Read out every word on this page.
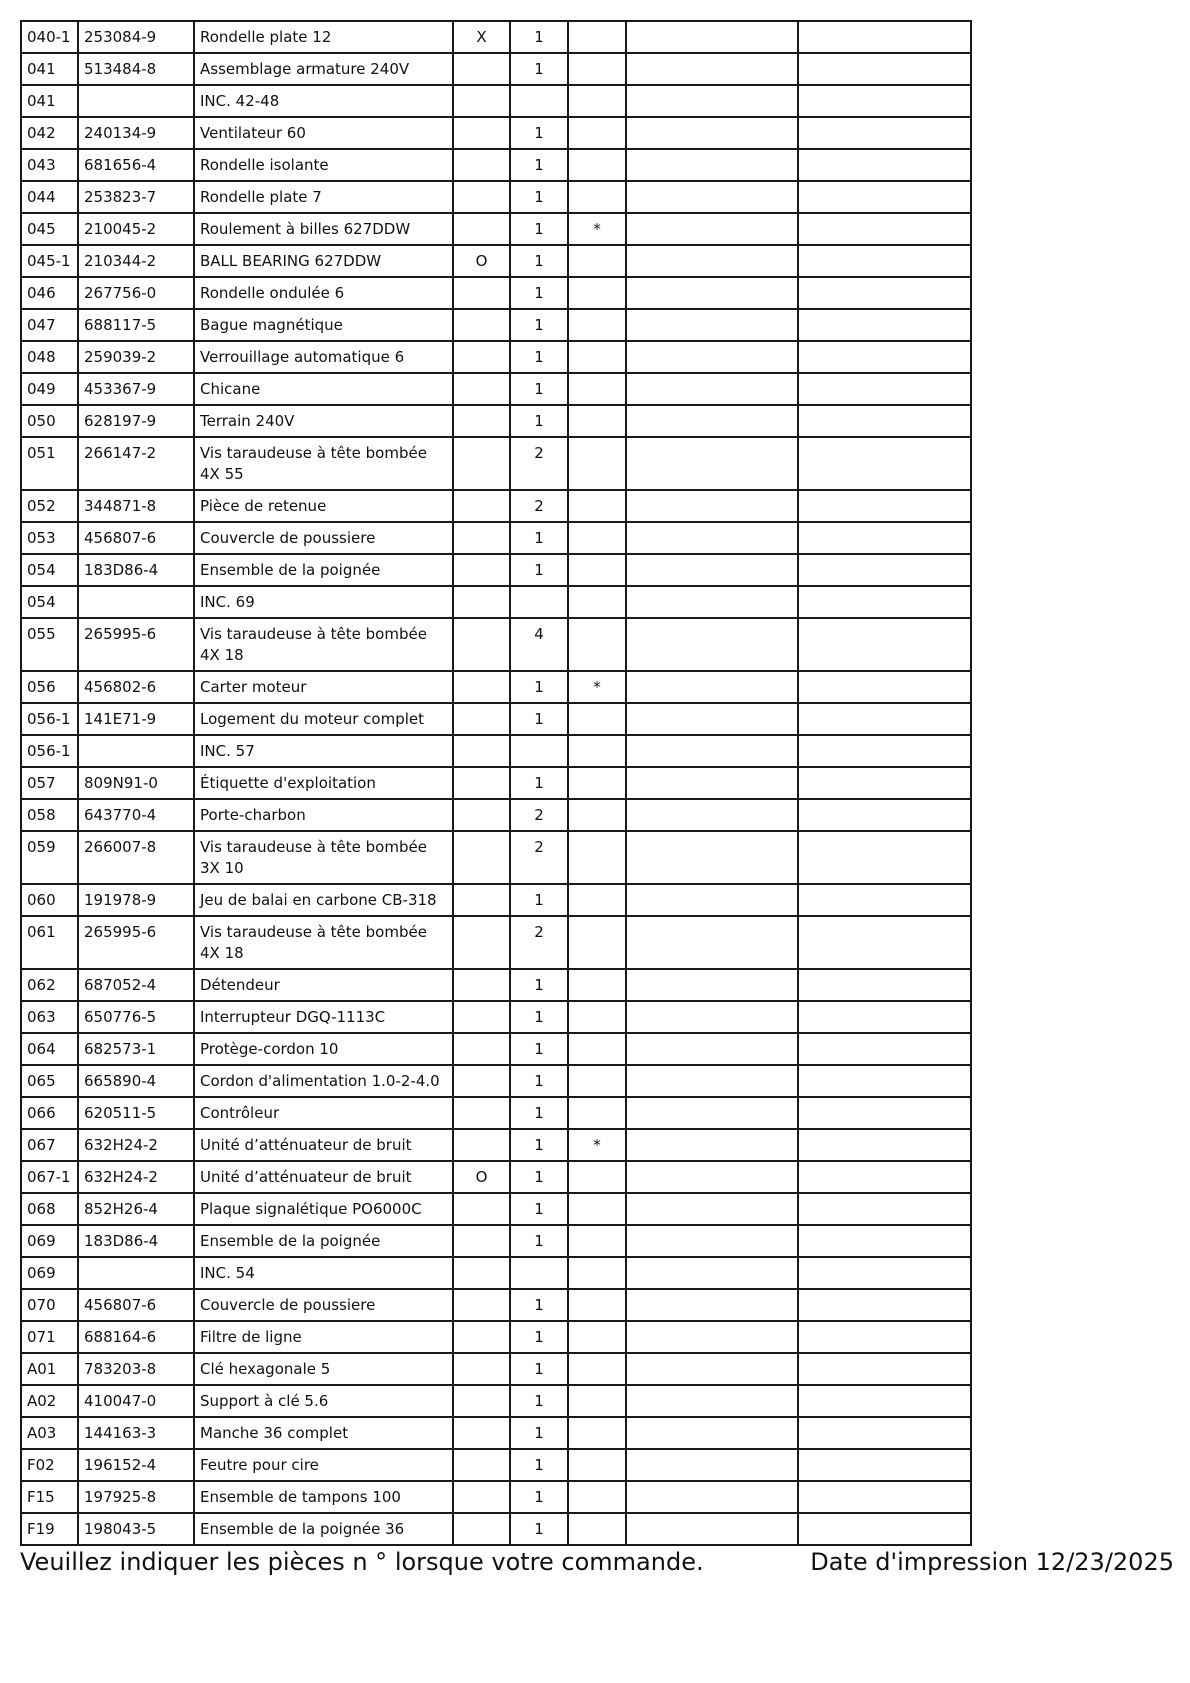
040-1	253084-9	Rondelle plate 12	X	1			
041	513484-8	Assemblage armature 240V		1			
041		INC. 42-48					
042	240134-9	Ventilateur 60		1			
043	681656-4	Rondelle isolante		1			
044	253823-7	Rondelle plate 7		1			
045	210045-2	Roulement à billes 627DDW		1	*		
045-1	210344-2	BALL BEARING 627DDW	O	1			
046	267756-0	Rondelle ondulée 6		1			
047	688117-5	Bague magnétique		1			
048	259039-2	Verrouillage automatique 6		1			
049	453367-9	Chicane		1			
050	628197-9	Terrain 240V		1			
051	266147-2	Vis taraudeuse à tête bombée 4X 55		2			
052	344871-8	Pièce de retenue		2			
053	456807-6	Couvercle de poussiere		1			
054	183D86-4	Ensemble de la poignée		1			
054		INC. 69					
055	265995-6	Vis taraudeuse à tête bombée 4X 18		4			
056	456802-6	Carter moteur		1	*		
056-1	141E71-9	Logement du moteur complet		1			
056-1		INC. 57					
057	809N91-0	Étiquette d'exploitation		1			
058	643770-4	Porte-charbon		2			
059	266007-8	Vis taraudeuse à tête bombée 3X 10		2			
060	191978-9	Jeu de balai en carbone CB-318		1			
061	265995-6	Vis taraudeuse à tête bombée 4X 18		2			
062	687052-4	Détendeur		1			
063	650776-5	Interrupteur DGQ-1113C		1			
064	682573-1	Protège-cordon 10		1			
065	665890-4	Cordon d'alimentation 1.0-2-4.0		1			
066	620511-5	Contrôleur		1			
067	632H24-2	Unité d’atténuateur de bruit		1	*		
067-1	632H24-2	Unité d’atténuateur de bruit	O	1			
068	852H26-4	Plaque signalétique PO6000C		1			
069	183D86-4	Ensemble de la poignée		1			
069		INC. 54					
070	456807-6	Couvercle de poussiere		1			
071	688164-6	Filtre de ligne		1			
A01	783203-8	Clé hexagonale 5		1			
A02	410047-0	Support à clé 5.6		1			
A03	144163-3	Manche 36 complet		1			
F02	196152-4	Feutre pour cire		1			
F15	197925-8	Ensemble de tampons 100		1			
F19	198043-5	Ensemble de la poignée 36		1			
Veuillez indiquer les pièces n ° lorsque votre commande.	Date d'impression 12/23/2025
